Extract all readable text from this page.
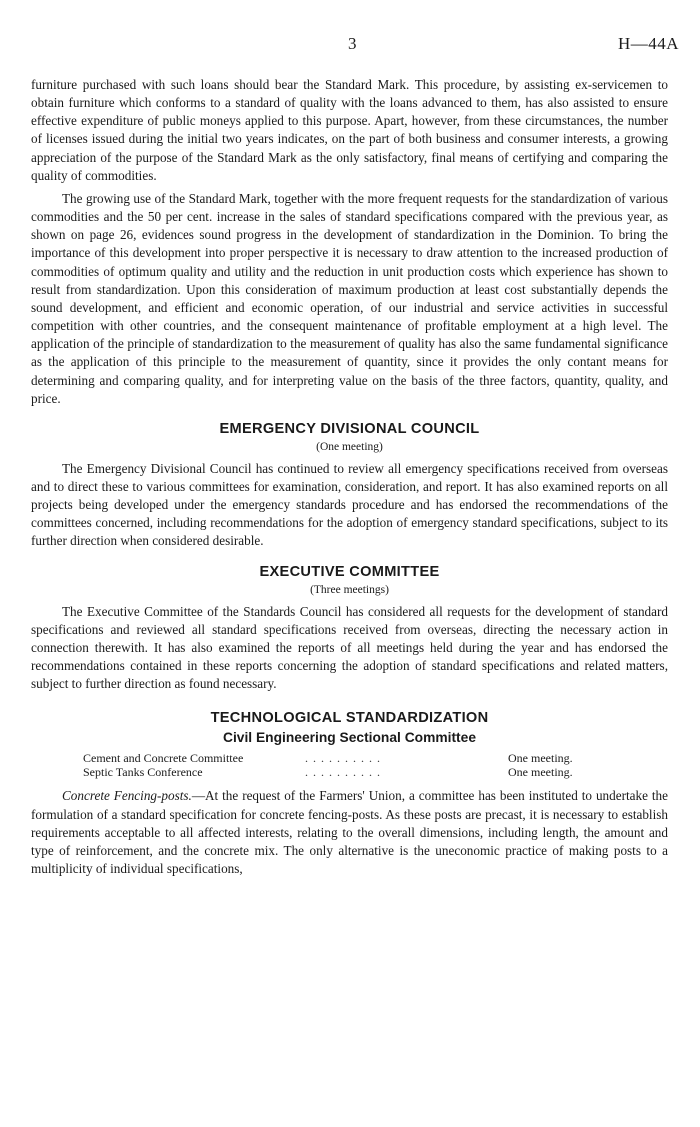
3	H—44A

furniture purchased with such loans should bear the Standard Mark. This procedure, by assisting ex-servicemen to obtain furniture which conforms to a standard of quality with the loans advanced to them, has also assisted to ensure effective expenditure of public moneys applied to this purpose. Apart, however, from these circumstances, the number of licenses issued during the initial two years indicates, on the part of both business and consumer interests, a growing appreciation of the purpose of the Standard Mark as the only satisfactory, final means of certifying and comparing the quality of commodities.

The growing use of the Standard Mark, together with the more frequent requests for the standardization of various commodities and the 50 per cent. increase in the sales of standard specifications compared with the previous year, as shown on page 26, evidences sound progress in the development of standardization in the Dominion. To bring the importance of this development into proper perspective it is necessary to draw attention to the increased production of commodities of optimum quality and utility and the reduction in unit production costs which experience has shown to result from standardization. Upon this consideration of maximum production at least cost substantially depends the sound development, and efficient and economic operation, of our industrial and service activities in successful competition with other countries, and the consequent maintenance of profitable employment at a high level. The application of the principle of standardization to the measurement of quality has also the same fundamental significance as the application of this principle to the measurement of quantity, since it provides the only contant means for determining and comparing quality, and for interpreting value on the basis of the three factors, quantity, quality, and price.

EMERGENCY DIVISIONAL COUNCIL

(One meeting)

The Emergency Divisional Council has continued to review all emergency specifications received from overseas and to direct these to various committees for examination, consideration, and report. It has also examined reports on all projects being developed under the emergency standards procedure and has endorsed the recommendations of the committees concerned, including recommendations for the adoption of emergency standard specifications, subject to its further direction when considered desirable.

EXECUTIVE COMMITTEE

(Three meetings)

The Executive Committee of the Standards Council has considered all requests for the development of standard specifications and reviewed all standard specifications received from overseas, directing the necessary action in connection therewith. It has also examined the reports of all meetings held during the year and has endorsed the recommendations contained in these reports concerning the adoption of standard specifications and related matters, subject to further direction as found necessary.

TECHNOLOGICAL STANDARDIZATION
Civil Engineering Sectional Committee
Cement and Concrete Committee	. . . . . . . . . .	One meeting.
Septic Tanks Conference	. . . . . . . . . .	One meeting.

Concrete Fencing-posts.—At the request of the Farmers' Union, a committee has been instituted to undertake the formulation of a standard specification for concrete fencing-posts. As these posts are precast, it is necessary to establish requirements acceptable to all affected interests, relating to the overall dimensions, including length, the amount and type of reinforcement, and the concrete mix. The only alternative is the uneconomic practice of making posts to a multiplicity of individual specifications,
